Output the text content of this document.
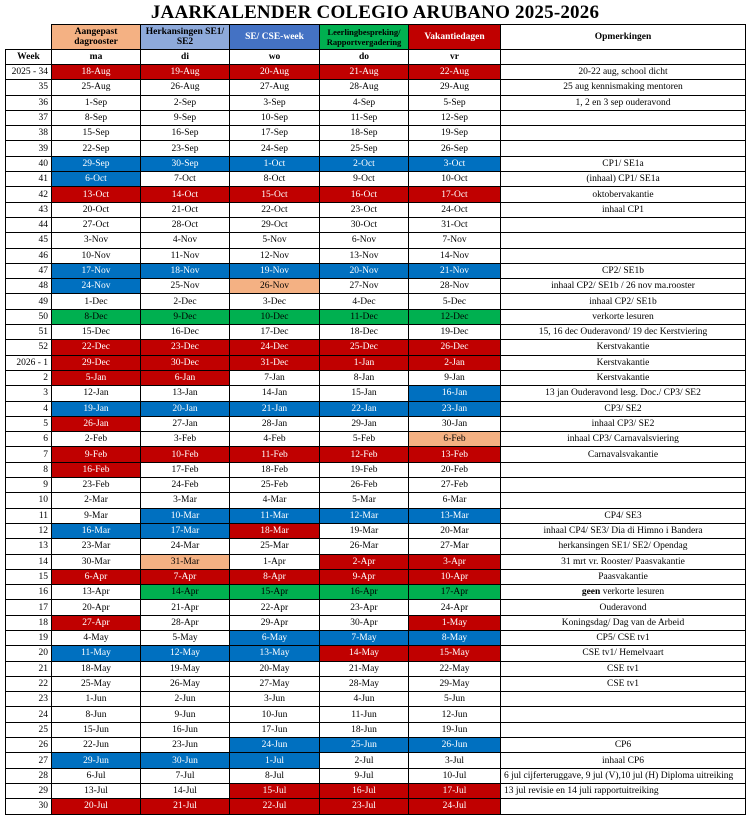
JAARKALENDER COLEGIO ARUBANO 2025-2026
	Aangepast dagrooster	Herkansingen SE1/ SE2	SE/ CSE-week	Leerlingbespreking/ Rapportvergadering	Vakantiedagen	Opmerkingen
Week	ma	di	wo	do	vr	
2025 - 34	18-Aug	19-Aug	20-Aug	21-Aug	22-Aug	20-22 aug, school dicht
35	25-Aug	26-Aug	27-Aug	28-Aug	29-Aug	25 aug kennismaking mentoren
36	1-Sep	2-Sep	3-Sep	4-Sep	5-Sep	1, 2 en 3 sep ouderavond
37	8-Sep	9-Sep	10-Sep	11-Sep	12-Sep	
38	15-Sep	16-Sep	17-Sep	18-Sep	19-Sep	
39	22-Sep	23-Sep	24-Sep	25-Sep	26-Sep	
40	29-Sep	30-Sep	1-Oct	2-Oct	3-Oct	CP1/ SE1a
41	6-Oct	7-Oct	8-Oct	9-Oct	10-Oct	(inhaal) CP1/ SE1a
42	13-Oct	14-Oct	15-Oct	16-Oct	17-Oct	oktobervakantie
43	20-Oct	21-Oct	22-Oct	23-Oct	24-Oct	inhaal CP1
44	27-Oct	28-Oct	29-Oct	30-Oct	31-Oct	
45	3-Nov	4-Nov	5-Nov	6-Nov	7-Nov	
46	10-Nov	11-Nov	12-Nov	13-Nov	14-Nov	
47	17-Nov	18-Nov	19-Nov	20-Nov	21-Nov	CP2/ SE1b
48	24-Nov	25-Nov	26-Nov	27-Nov	28-Nov	inhaal CP2/ SE1b / 26 nov ma.rooster
49	1-Dec	2-Dec	3-Dec	4-Dec	5-Dec	inhaal CP2/ SE1b
50	8-Dec	9-Dec	10-Dec	11-Dec	12-Dec	verkorte lesuren
51	15-Dec	16-Dec	17-Dec	18-Dec	19-Dec	15, 16 dec Ouderavond/ 19 dec Kerstviering
52	22-Dec	23-Dec	24-Dec	25-Dec	26-Dec	Kerstvakantie
2026 - 1	29-Dec	30-Dec	31-Dec	1-Jan	2-Jan	Kerstvakantie
2	5-Jan	6-Jan	7-Jan	8-Jan	9-Jan	Kerstvakantie
3	12-Jan	13-Jan	14-Jan	15-Jan	16-Jan	13 jan Ouderavond lesg. Doc./ CP3/ SE2
4	19-Jan	20-Jan	21-Jan	22-Jan	23-Jan	CP3/ SE2
5	26-Jan	27-Jan	28-Jan	29-Jan	30-Jan	inhaal CP3/ SE2
6	2-Feb	3-Feb	4-Feb	5-Feb	6-Feb	inhaal CP3/ Carnavalsviering
7	9-Feb	10-Feb	11-Feb	12-Feb	13-Feb	Carnavalsvakantie
8	16-Feb	17-Feb	18-Feb	19-Feb	20-Feb	
9	23-Feb	24-Feb	25-Feb	26-Feb	27-Feb	
10	2-Mar	3-Mar	4-Mar	5-Mar	6-Mar	
11	9-Mar	10-Mar	11-Mar	12-Mar	13-Mar	CP4/ SE3
12	16-Mar	17-Mar	18-Mar	19-Mar	20-Mar	inhaal CP4/ SE3/ Dia di Himno i Bandera
13	23-Mar	24-Mar	25-Mar	26-Mar	27-Mar	herkansingen SE1/ SE2/ Opendag
14	30-Mar	31-Mar	1-Apr	2-Apr	3-Apr	31 mrt vr. Rooster/ Paasvakantie
15	6-Apr	7-Apr	8-Apr	9-Apr	10-Apr	Paasvakantie
16	13-Apr	14-Apr	15-Apr	16-Apr	17-Apr	geen verkorte lesuren
17	20-Apr	21-Apr	22-Apr	23-Apr	24-Apr	Ouderavond
18	27-Apr	28-Apr	29-Apr	30-Apr	1-May	Koningsdag/ Dag van de Arbeid
19	4-May	5-May	6-May	7-May	8-May	CP5/ CSE tv1
20	11-May	12-May	13-May	14-May	15-May	CSE tv1/ Hemelvaart
21	18-May	19-May	20-May	21-May	22-May	CSE tv1
22	25-May	26-May	27-May	28-May	29-May	CSE tv1
23	1-Jun	2-Jun	3-Jun	4-Jun	5-Jun	
24	8-Jun	9-Jun	10-Jun	11-Jun	12-Jun	
25	15-Jun	16-Jun	17-Jun	18-Jun	19-Jun	
26	22-Jun	23-Jun	24-Jun	25-Jun	26-Jun	CP6
27	29-Jun	30-Jun	1-Jul	2-Jul	3-Jul	inhaal CP6
28	6-Jul	7-Jul	8-Jul	9-Jul	10-Jul	6 jul cijferteruggave, 9 jul (V),10 jul (H) Diploma uitreiking
29	13-Jul	14-Jul	15-Jul	16-Jul	17-Jul	13 jul revisie en 14 juli rapportuitreiking
30	20-Jul	21-Jul	22-Jul	23-Jul	24-Jul	
